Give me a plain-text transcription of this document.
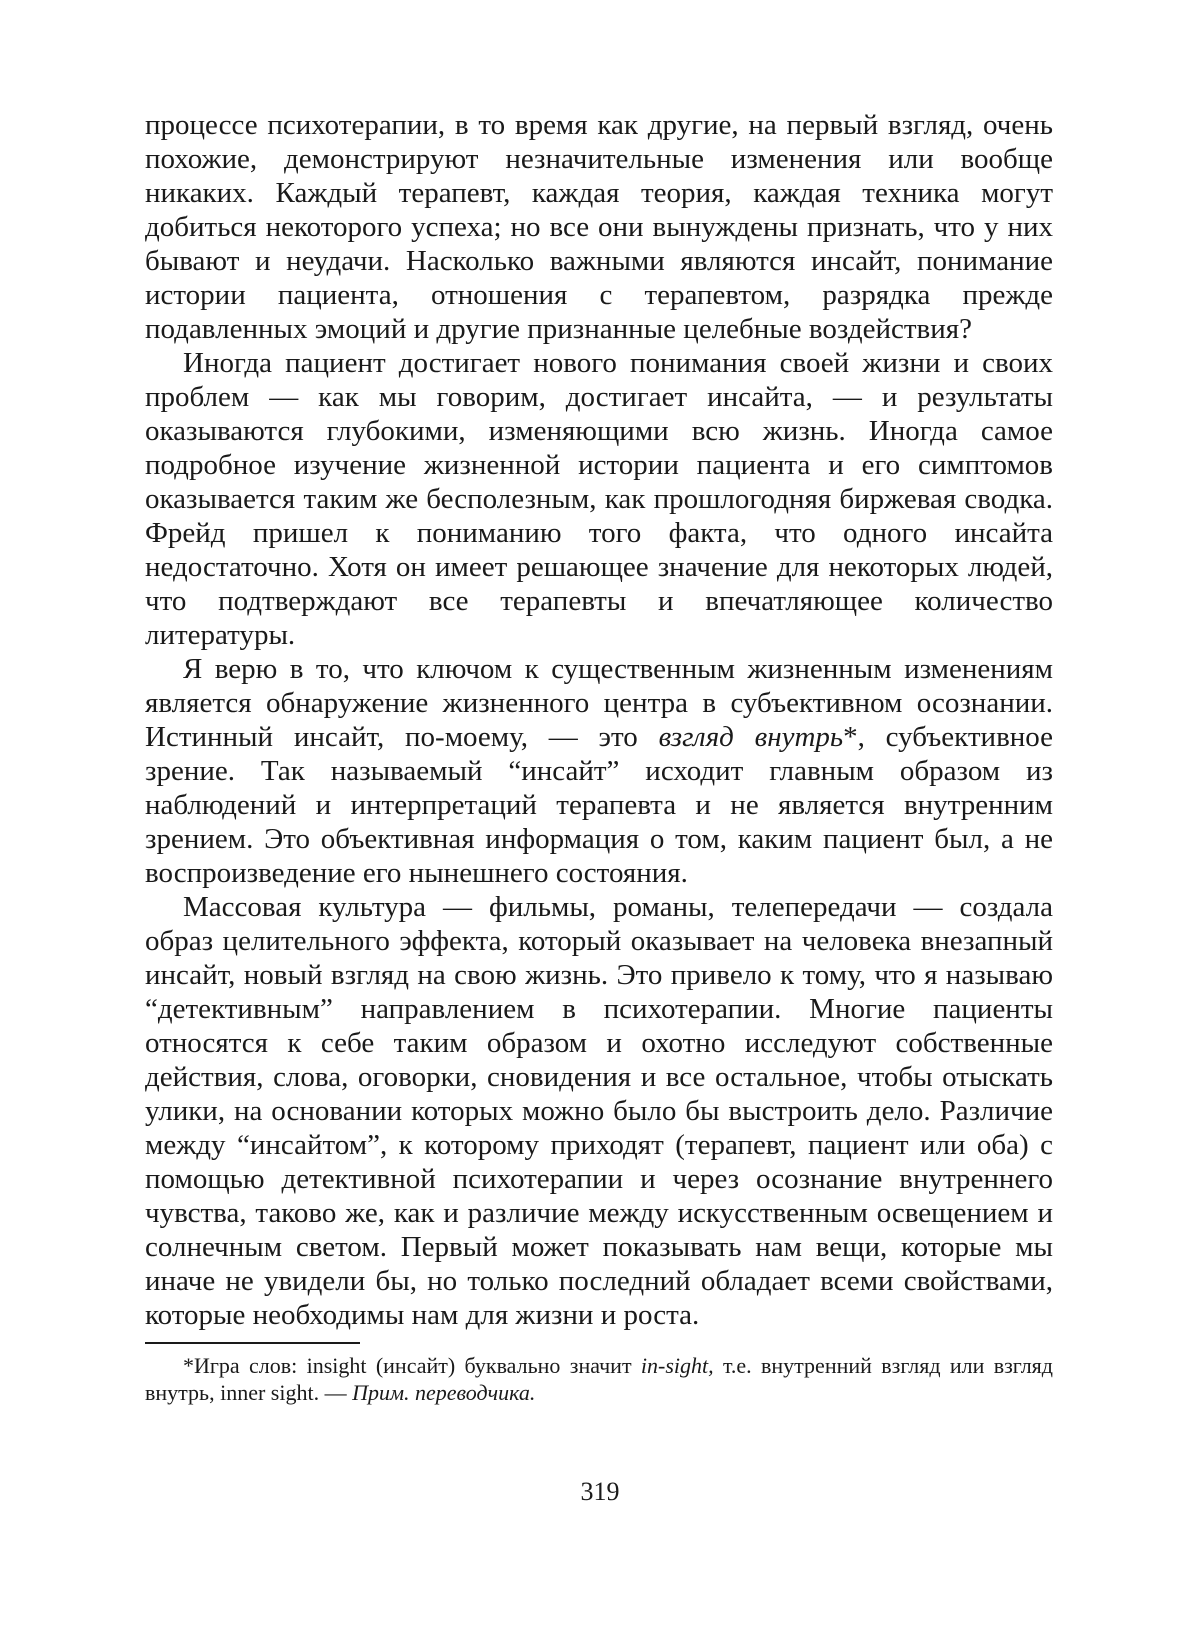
процессе психотерапии, в то время как другие, на первый взгляд, очень похожие, демонстрируют незначительные изменения или вообще никаких. Каждый терапевт, каждая теория, каждая техника могут добиться некоторого успеха; но все они вынуждены признать, что у них бывают и неудачи. Насколько важными являются инсайт, понимание истории пациента, отношения с терапевтом, разрядка прежде подавленных эмоций и другие признанные целебные воздействия?

Иногда пациент достигает нового понимания своей жизни и своих проблем — как мы говорим, достигает инсайта, — и результаты оказываются глубокими, изменяющими всю жизнь. Иногда самое подробное изучение жизненной истории пациента и его симптомов оказывается таким же бесполезным, как прошлогодняя биржевая сводка. Фрейд пришел к пониманию того факта, что одного инсайта недостаточно. Хотя он имеет решающее значение для некоторых людей, что подтверждают все терапевты и впечатляющее количество литературы.

Я верю в то, что ключом к существенным жизненным изменениям является обнаружение жизненного центра в субъективном осознании. Истинный инсайт, по-моему, — это взгляд внутрь*, субъективное зрение. Так называемый “инсайт” исходит главным образом из наблюдений и интерпретаций терапевта и не является внутренним зрением. Это объективная информация о том, каким пациент был, а не воспроизведение его нынешнего состояния.

Массовая культура — фильмы, романы, телепередачи — создала образ целительного эффекта, который оказывает на человека внезапный инсайт, новый взгляд на свою жизнь. Это привело к тому, что я называю “детективным” направлением в психотерапии. Многие пациенты относятся к себе таким образом и охотно исследуют собственные действия, слова, оговорки, сновидения и все остальное, чтобы отыскать улики, на основании которых можно было бы выстроить дело. Различие между “инсайтом”, к которому приходят (терапевт, пациент или оба) с помощью детективной психотерапии и через осознание внутреннего чувства, таково же, как и различие между искусственным освещением и солнечным светом. Первый может показывать нам вещи, которые мы иначе не увидели бы, но только последний обладает всеми свойствами, которые необходимы нам для жизни и роста.

*Игра слов: insight (инсайт) буквально значит in-sight, т.е. внутренний взгляд или взгляд внутрь, inner sight. — Прим. переводчика.

319
